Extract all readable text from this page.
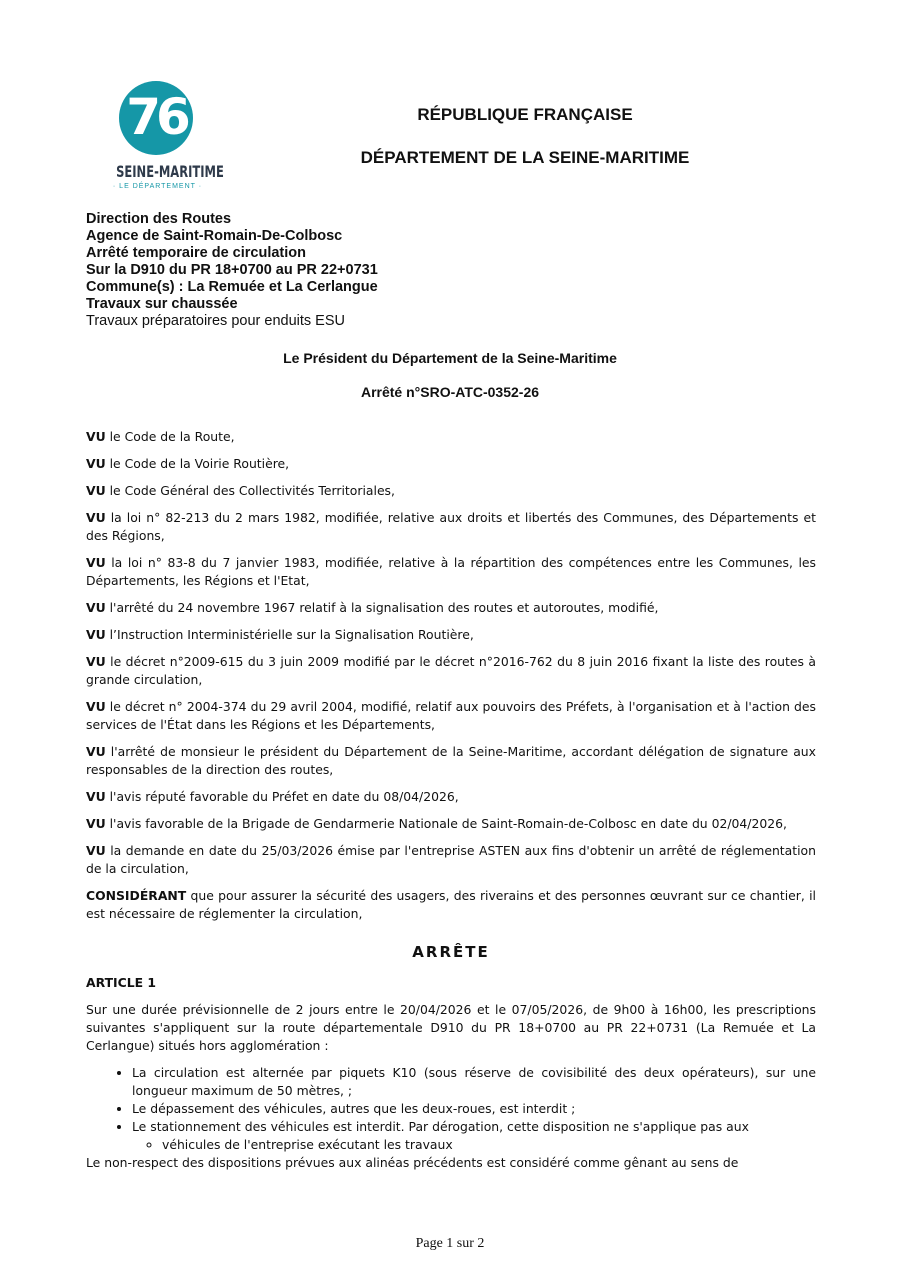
76
SEINE-MARITIME
· LE DÉPARTEMENT ·
RÉPUBLIQUE FRANÇAISE
DÉPARTEMENT DE LA SEINE-MARITIME
Direction des Routes
Agence de Saint-Romain-De-Colbosc
Arrêté temporaire de circulation
Sur la D910 du PR 18+0700 au PR 22+0731
Commune(s) : La Remuée et La Cerlangue
Travaux sur chaussée
Travaux préparatoires pour enduits ESU
Le Président du Département de la Seine-Maritime
Arrêté n°SRO-ATC-0352-26

VU le Code de la Route,

VU le Code de la Voirie Routière,

VU le Code Général des Collectivités Territoriales,

VU la loi n° 82-213 du 2 mars 1982, modifiée, relative aux droits et libertés des Communes, des Départements et des Régions,

VU la loi n° 83-8 du 7 janvier 1983, modifiée, relative à la répartition des compétences entre les Communes, les Départements, les Régions et l'Etat,

VU l'arrêté du 24 novembre 1967 relatif à la signalisation des routes et autoroutes, modifié,

VU l’Instruction Interministérielle sur la Signalisation Routière,

VU le décret n°2009-615 du 3 juin 2009 modifié par le décret n°2016-762 du 8 juin 2016 fixant la liste des routes à grande circulation,

VU le décret n° 2004-374 du 29 avril 2004, modifié, relatif aux pouvoirs des Préfets, à l'organisation et à l'action des services de l'État dans les Régions et les Départements,

VU l'arrêté de monsieur le président du Département de la Seine-Maritime, accordant délégation de signature aux responsables de la direction des routes,

VU l'avis réputé favorable du Préfet en date du 08/04/2026,

VU l'avis favorable de la Brigade de Gendarmerie Nationale de Saint-Romain-de-Colbosc en date du 02/04/2026,

VU la demande en date du 25/03/2026 émise par l'entreprise ASTEN aux fins d'obtenir un arrêté de réglementation de la circulation,

CONSIDÉRANT que pour assurer la sécurité des usagers, des riverains et des personnes œuvrant sur ce chantier, il est nécessaire de réglementer la circulation,

ARRÊTE
ARTICLE 1

Sur une durée prévisionnelle de 2 jours entre le 20/04/2026 et le 07/05/2026, de 9h00 à 16h00, les prescriptions suivantes s'appliquent sur la route départementale D910 du PR 18+0700 au PR 22+0731 (La Remuée et La Cerlangue) situés hors agglomération :

• La circulation est alternée par piquets K10 (sous réserve de covisibilité des deux opérateurs), sur une longueur maximum de 50 mètres, ;
• Le dépassement des véhicules, autres que les deux-roues, est interdit ;
• Le stationnement des véhicules est interdit. Par dérogation, cette disposition ne s'applique pas aux
◦ véhicules de l'entreprise exécutant les travaux

Le non-respect des dispositions prévues aux alinéas précédents est considéré comme gênant au sens de

Page 1 sur 2
